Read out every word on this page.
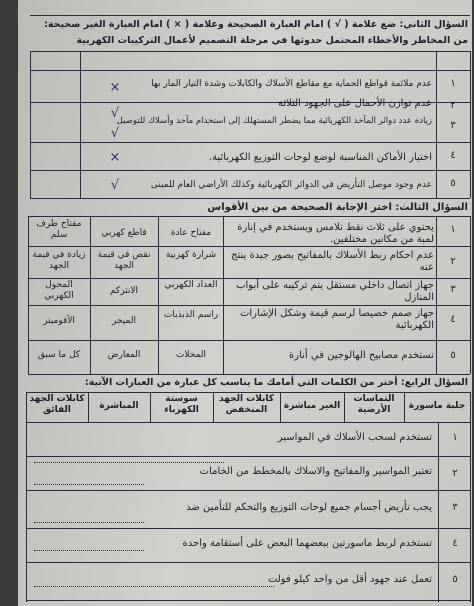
السؤال الثاني: ضع علامة ( √ ) امام العبارة الصحيحة وعلامة ( × ) امام العبارة الغير صحيحة:
من المخاطر والأخطاء المحتمل حدوثها في مرحلة التصميم لأعمال التركيبات الكهربية
١
عدم ملائمة قواطع الحماية مع مقاطع الأسلاك والكابلات وشدة التيار المار بها
×
٢
عدم توازن الأحمال على الجهود الثلاثة
√
٣
زيادة عدد دوائر المآخذ الكهربائية مما يضطر المستهلك إلى استخدام مآخذ وأسلاك للتوصيل
√
٤
اختيار الأماكن المناسبة لوضع لوحات التوزيع الكهربائية.
×
٥
عدم وجود موصل التأريض في الدوائر الكهربائية وكذلك الأراضي العام للمبنى
√
السؤال الثالث: اختر الإجابة الصحيحة من بين الأقواس
١
يحتوي على ثلاث نقط تلامس ويستخدم في إنارة لمبة من مكانين مختلفين.
مفتاح عادة
قاطع كهربي
مفتاح طرف سلم
٢
عدم احكام ربط الأسلاك بالمفاتيح بصور جيدة ينتج عنه
شرارة كهربية
نقص في قيمة الجهد
زيادة في قيمة الجهد
٣
جهاز اتصال داخلي مستقل يتم تركيبه على أبواب المنازل
العداد الكهربي
الانتركم
المحول الكهربي
٤
جهاز صمم خصيصا لرسم قيمة وشكل الإشارات الكهربائية
راسم الذبذبات
الميجر
الأفوميتر
٥
تستخدم مصابيح الهالوجين في أنارة
المحلات
المعارض
كل ما سبق
السؤال الرابع: أختر من الكلمات التي أمامك ما يناسب كل عبارة من العبارات الآتية:
جلبة ماسورة
التماسات الأرضية
الغير مباشرة
كابلات الجهد المنخفض
سوستة الكهرباء
المباشرة
كابلات الجهد الفائق
١
تستخدم لسحب الأسلاك في المواسير
٢
تعتبر المواسير والمفاتيح والاسلاك بالمخطط من الخامات
٣
يجب تأريض أجسام جميع لوحات التوزيع والتحكم للتأمين ضد
٤
تستخدم لربط ماسورتين ببعضهما البعض على أستقامة واحدة
٥
تعمل عند جهود أقل من واحد كيلو فولت
